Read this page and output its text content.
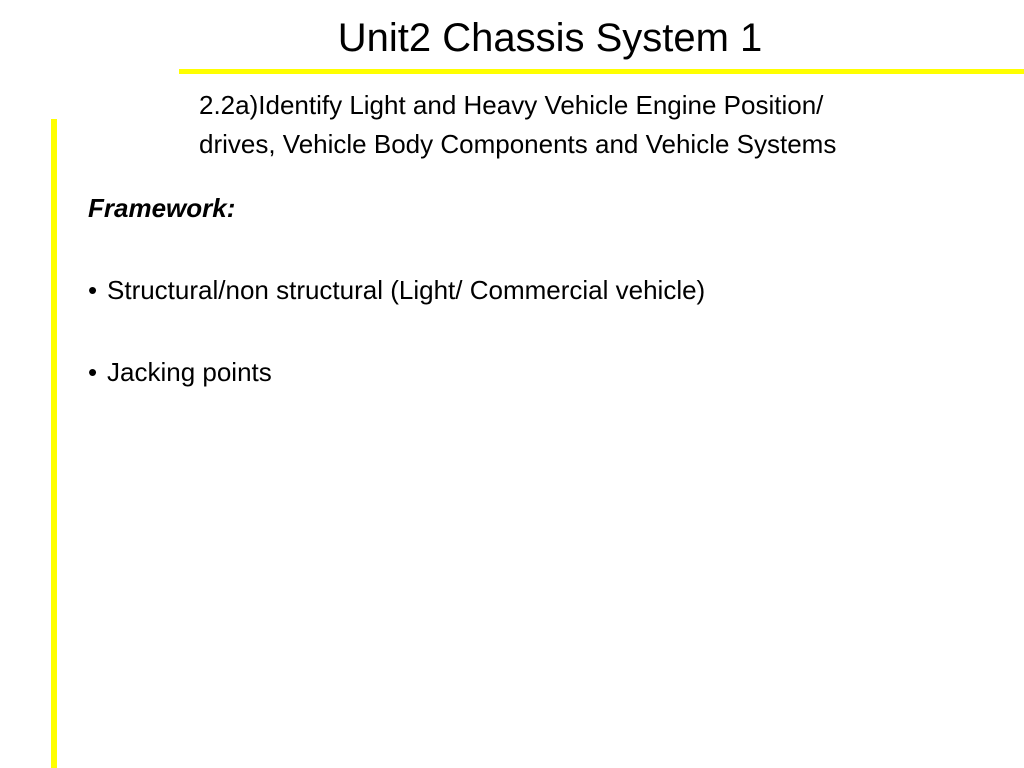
Unit2 Chassis System 1
2.2a)Identify Light and Heavy Vehicle Engine Position/
drives, Vehicle Body Components and Vehicle Systems
Framework:
• Structural/non structural (Light/ Commercial vehicle)
• Jacking points
